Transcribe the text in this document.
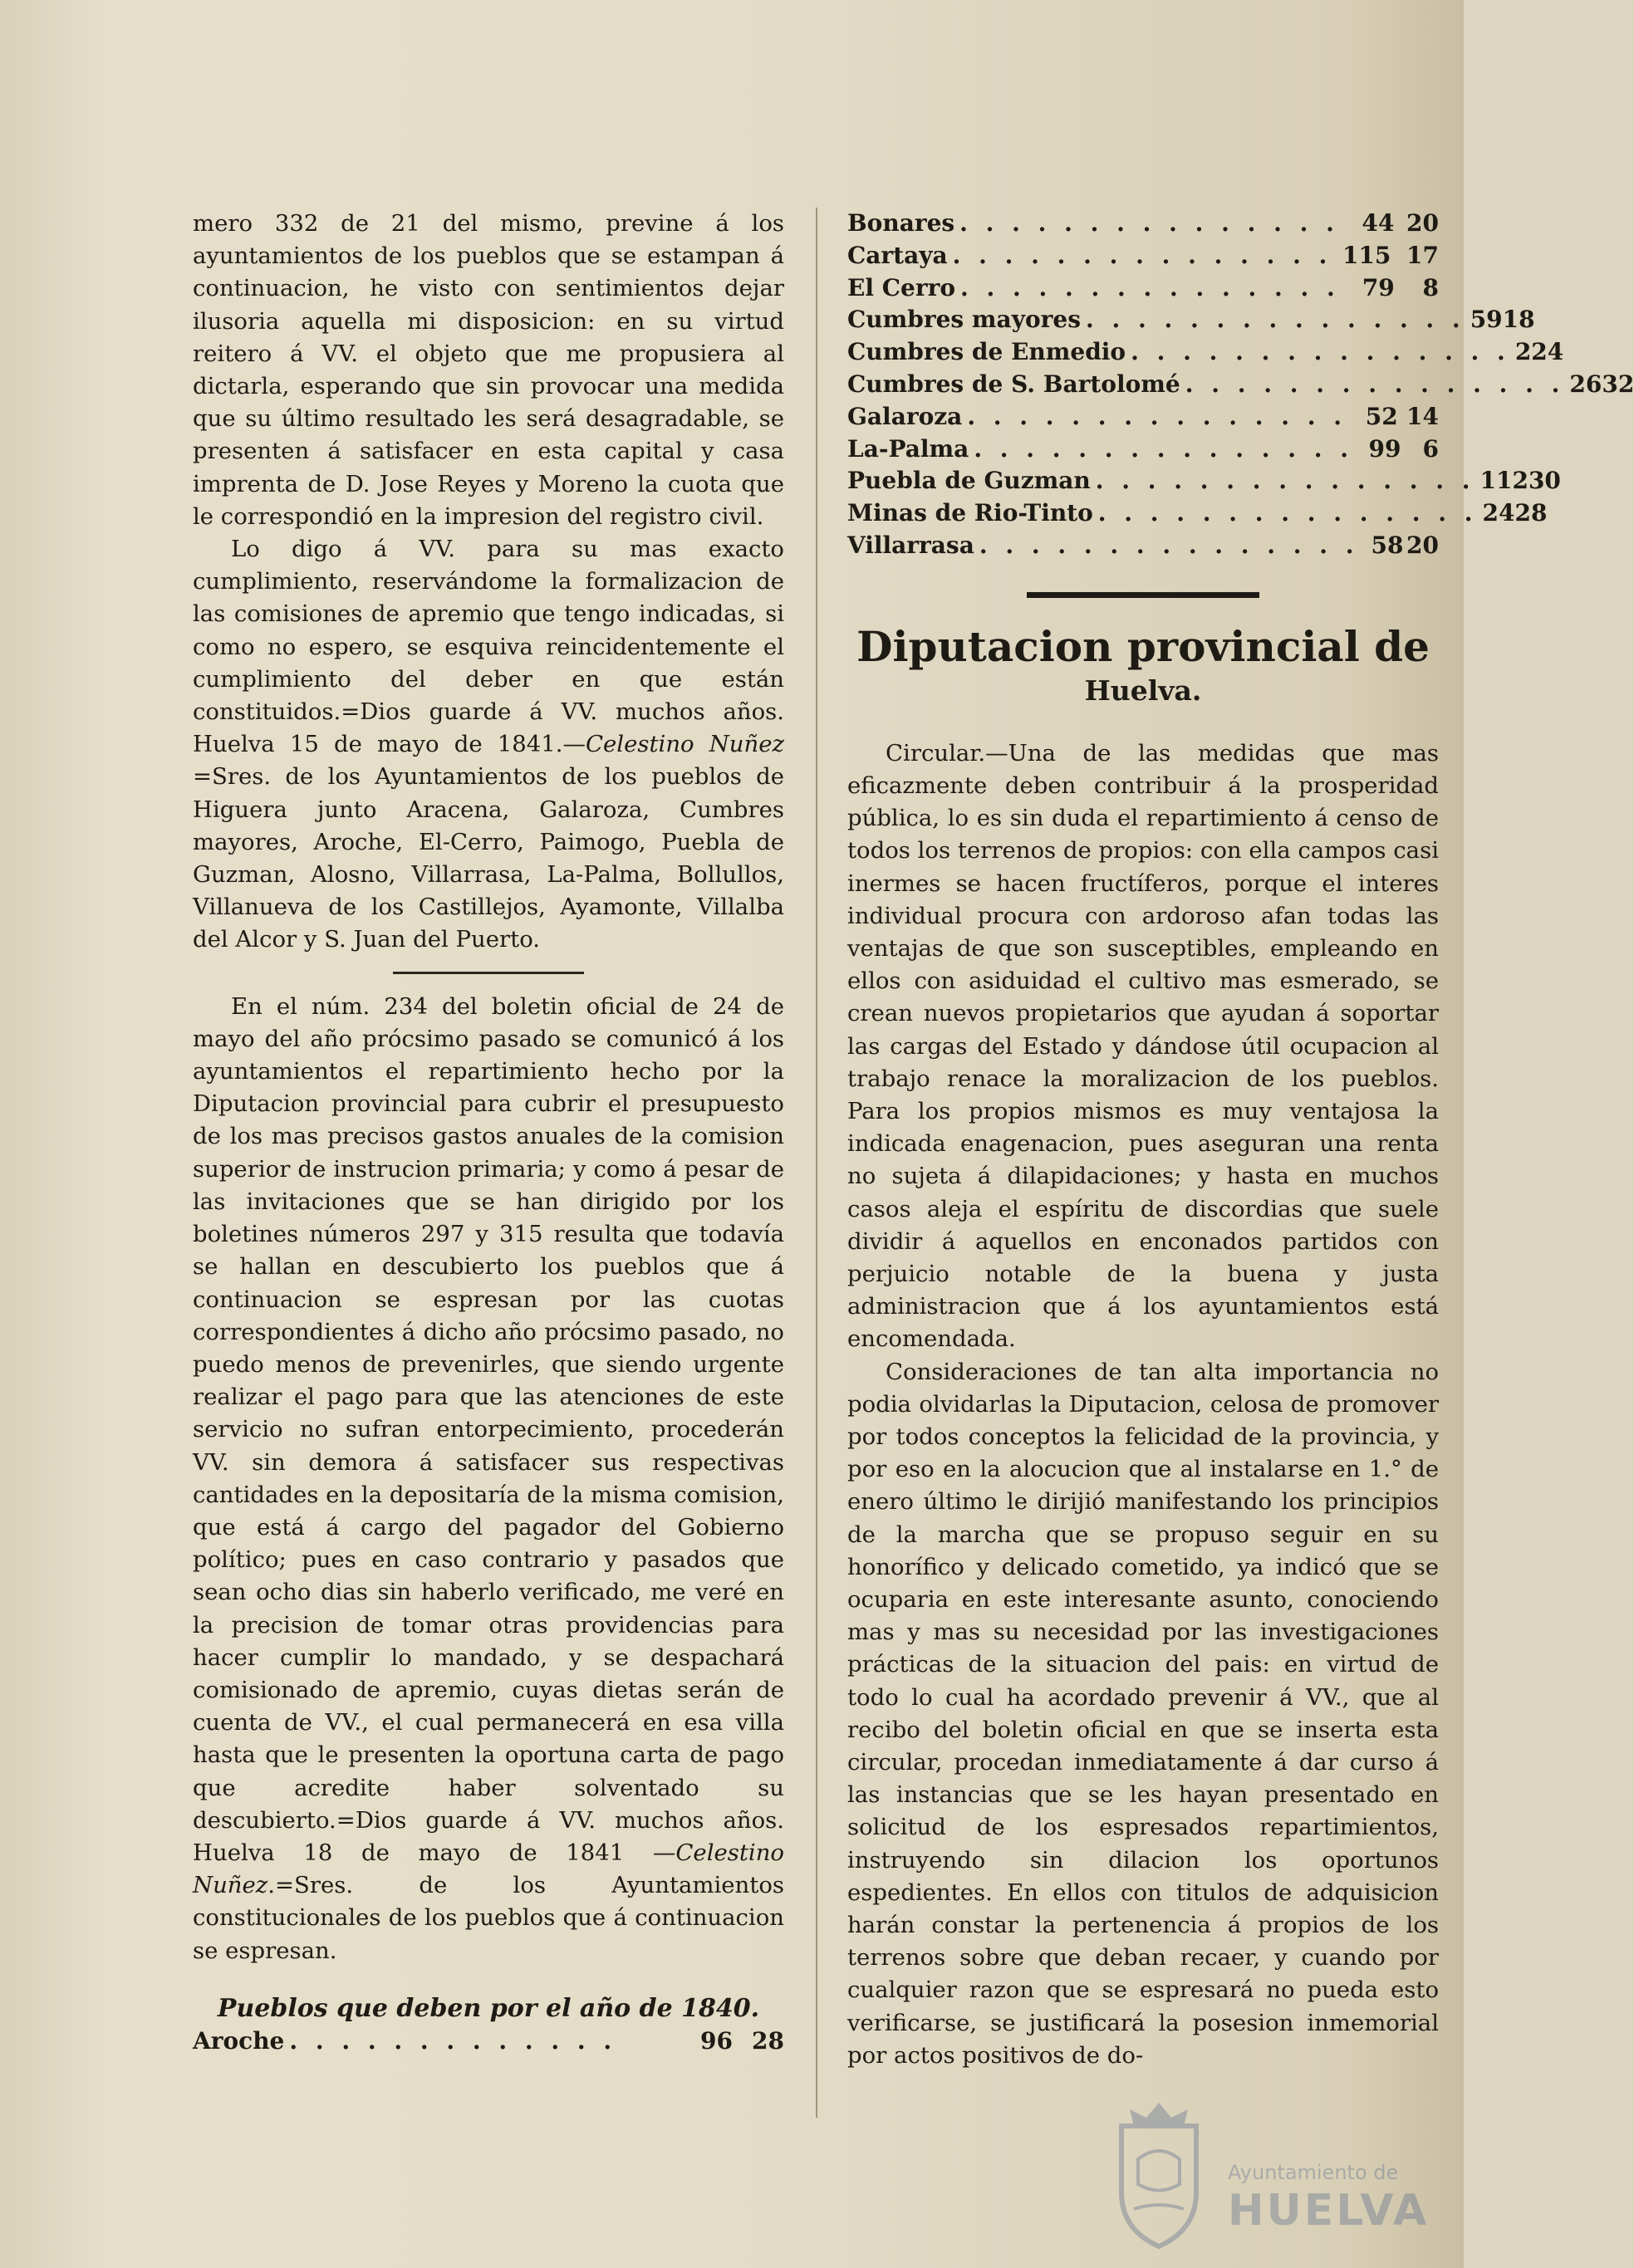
mero 332 de 21 del mismo, previne á los ayuntamientos de los pueblos que se estampan á continuacion, he visto con sentimientos dejar ilusoria aquella mi disposicion: en su virtud reitero á VV. el objeto que me propusiera al dictarla, esperando que sin provocar una medida que su último resultado les será desagradable, se presenten á satisfacer en esta capital y casa imprenta de D. Jose Reyes y Moreno la cuota que le correspondió en la impresion del registro civil.

Lo digo á VV. para su mas exacto cumplimiento, reservándome la formalizacion de las comisiones de apremio que tengo indicadas, si como no espero, se esquiva reincidentemente el cumplimiento del deber en que están constituidos.=Dios guarde á VV. muchos años. Huelva 15 de mayo de 1841.—Celestino Nuñez =Sres. de los Ayuntamientos de los pueblos de Higuera junto Aracena, Galaroza, Cumbres mayores, Aroche, El-Cerro, Paimogo, Puebla de Guzman, Alosno, Villarrasa, La-Palma, Bollullos, Villanueva de los Castillejos, Ayamonte, Villalba del Alcor y S. Juan del Puerto.

En el núm. 234 del boletin oficial de 24 de mayo del año prócsimo pasado se comunicó á los ayuntamientos el repartimiento hecho por la Diputacion provincial para cubrir el presupuesto de los mas precisos gastos anuales de la comision superior de instrucion primaria; y como á pesar de las invitaciones que se han dirigido por los boletines números 297 y 315 resulta que todavía se hallan en descubierto los pueblos que á continuacion se espresan por las cuotas correspondientes á dicho año prócsimo pasado, no puedo menos de prevenirles, que siendo urgente realizar el pago para que las atenciones de este servicio no sufran entorpecimiento, procederán VV. sin demora á satisfacer sus respectivas cantidades en la depositaría de la misma comision, que está á cargo del pagador del Gobierno político; pues en caso contrario y pasados que sean ocho dias sin haberlo verificado, me veré en la precision de tomar otras providencias para hacer cumplir lo mandado, y se despachará comisionado de apremio, cuyas dietas serán de cuenta de VV., el cual permanecerá en esa villa hasta que le presenten la oportuna carta de pago que acredite haber solventado su descubierto.=Dios guarde á VV. muchos años. Huelva 18 de mayo de 1841 —Celestino Nuñez.=Sres. de los Ayuntamientos constitucionales de los pueblos que á continuacion se espresan.

Pueblos que deben por el año de 1840.
Aroche . . . . . . . . . . . . .	96 28
Bonares . . . . . . . . . . . . . . . 44 20
Cartaya . . . . . . . . . . . . . . . 115 17
El Cerro . . . . . . . . . . . . . . . 79	8
Cumbres mayores . . . . . . . . . . . . . . . 59 18
Cumbres de Enmedio . . . . . . . . . . . . . . . 2 24
Cumbres de S. Bartolomé . . . . . . . . . . . . . . . 26 32
Galaroza . . . . . . . . . . . . . . . 52 14
La-Palma . . . . . . . . . . . . . . . 99 6
Puebla de Guzman . . . . . . . . . . . . . . . 112 30
Minas de Rio-Tinto . . . . . . . . . . . . . . . 24 28
Villarrasa . . . . . . . . . . . . . . . 58 20
Diputacion provincial de
Huelva.

Circular.—Una de las medidas que mas eficazmente deben contribuir á la prosperidad pública, lo es sin duda el repartimiento á censo de todos los terrenos de propios: con ella campos casi inermes se hacen fructíferos, porque el interes individual procura con ardoroso afan todas las ventajas de que son susceptibles, empleando en ellos con asiduidad el cultivo mas esmerado, se crean nuevos propietarios que ayudan á soportar las cargas del Estado y dándose útil ocupacion al trabajo renace la moralizacion de los pueblos. Para los propios mismos es muy ventajosa la indicada enagenacion, pues aseguran una renta no sujeta á dilapidaciones; y hasta en muchos casos aleja el espíritu de discordias que suele dividir á aquellos en enconados partidos con perjuicio notable de la buena y justa administracion que á los ayuntamientos está encomendada.

Consideraciones de tan alta importancia no podia olvidarlas la Diputacion, celosa de promover por todos conceptos la felicidad de la provincia, y por eso en la alocucion que al instalarse en 1.° de enero último le dirijió manifestando los principios de la marcha que se propuso seguir en su honorífico y delicado cometido, ya indicó que se ocuparia en este interesante asunto, conociendo mas y mas su necesidad por las investigaciones prácticas de la situacion del pais: en virtud de todo lo cual ha acordado prevenir á VV., que al recibo del boletin oficial en que se inserta esta circular, procedan inmediatamente á dar curso á las instancias que se les hayan presentado en solicitud de los espresados repartimientos, instruyendo sin dilacion los oportunos espedientes. En ellos con titulos de adquisicion harán constar la pertenencia á propios de los terrenos sobre que deban recaer, y cuando por cualquier razon que se espresará no pueda esto verificarse, se justificará la posesion inmemorial por actos positivos de do-

Ayuntamiento de
HUELVA
